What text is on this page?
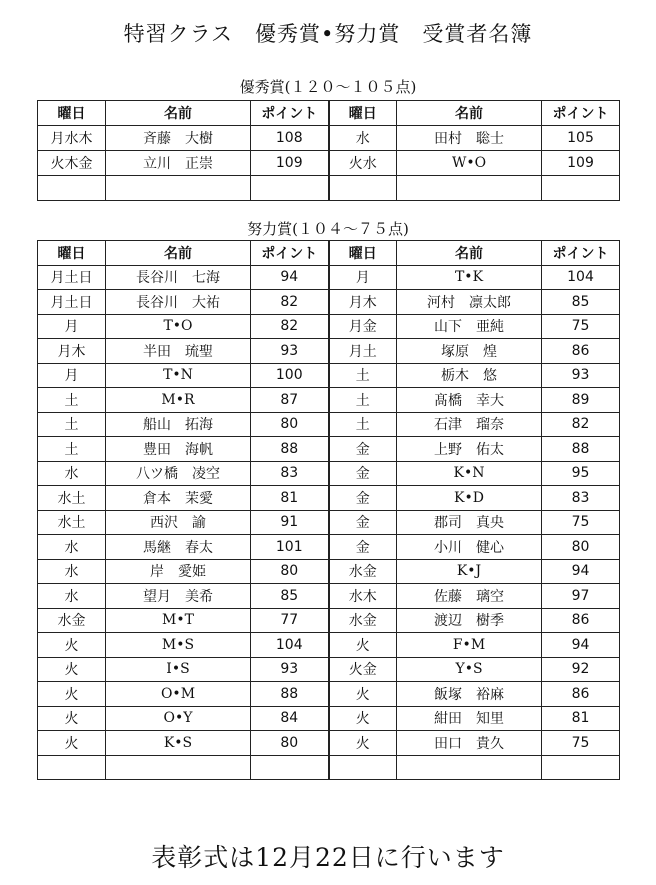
特習クラス　優秀賞•努力賞　受賞者名簿
優秀賞(１２０～１０５点)
曜日	名前	ポイント	曜日	名前	ポイント
月水木	斉藤　大樹	108	水	田村　聡士	105
火木金	立川　正崇	109	火水	W•O	109

努力賞(１０４～７５点)
曜日	名前	ポイント	曜日	名前	ポイント
月土日	長谷川　七海	94	月	T•K	104
月土日	長谷川　大祐	82	月木	河村　凛太郎	85
月	T•O	82	月金	山下　亜純	75
月木	半田　琉聖	93	月土	塚原　煌	86
月	T•N	100	土	栃木　悠	93
土	M•R	87	土	髙橋　幸大	89
土	船山　拓海	80	土	石津　瑠奈	82
土	豊田　海帆	88	金	上野　佑太	88
水	八ツ橋　凌空	83	金	K•N	95
水土	倉本　茉愛	81	金	K•D	83
水土	西沢　諭	91	金	郡司　真央	75
水	馬継　春太	101	金	小川　健心	80
水	岸　愛姫	80	水金	K•J	94
水	望月　美希	85	水木	佐藤　璃空	97
水金	M•T	77	水金	渡辺　樹季	86
火	M•S	104	火	F•M	94
火	I•S	93	火金	Y•S	92
火	O•M	88	火	飯塚　裕麻	86
火	O•Y	84	火	紺田　知里	81
火	K•S	80	火	田口　貴久	75

表彰式は12月22日に行います
